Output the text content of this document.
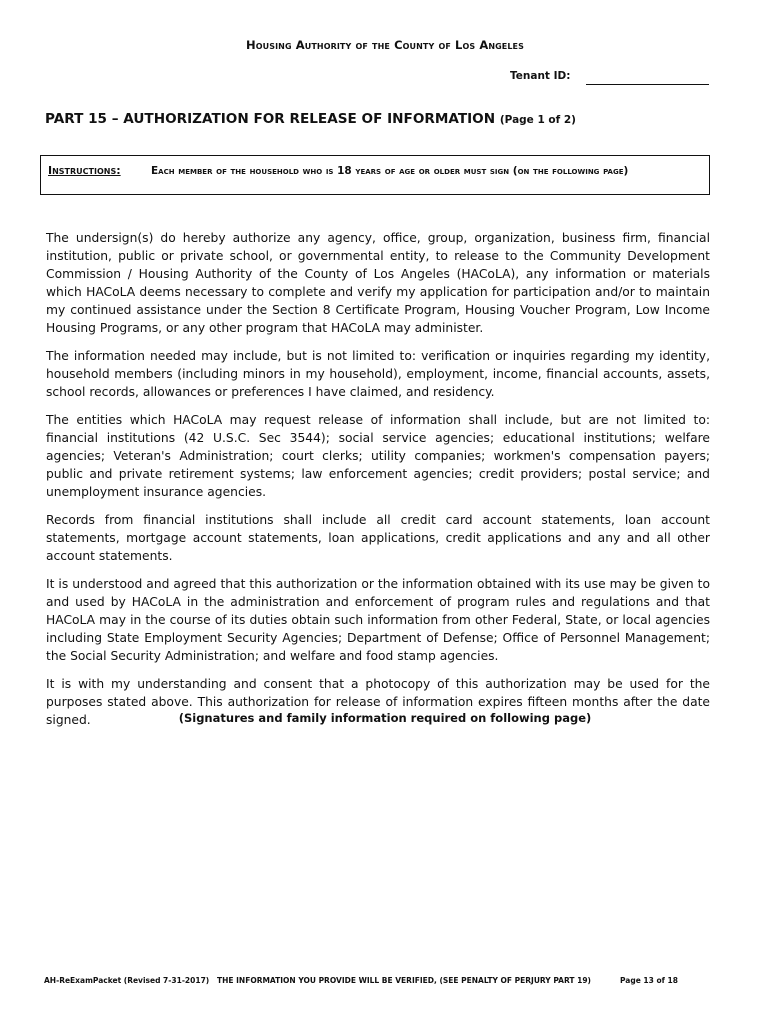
Housing Authority of the County of Los Angeles
Tenant ID:
PART 15 – AUTHORIZATION FOR RELEASE OF INFORMATION (Page 1 of 2)
Instructions:	Each member of the household who is 18 years of age or older must sign (on the following page)

The undersign(s) do hereby authorize any agency, office, group, organization, business firm, financial institution, public or private school, or governmental entity, to release to the Community Development Commission / Housing Authority of the County of Los Angeles (HACoLA), any information or materials which HACoLA deems necessary to complete and verify my application for participation and/or to maintain my continued assistance under the Section 8 Certificate Program, Housing Voucher Program, Low Income Housing Programs, or any other program that HACoLA may administer.

The information needed may include, but is not limited to: verification or inquiries regarding my identity, household members (including minors in my household), employment, income, financial accounts, assets, school records, allowances or preferences I have claimed, and residency.

The entities which HACoLA may request release of information shall include, but are not limited to: financial institutions (42 U.S.C. Sec 3544); social service agencies; educational institutions; welfare agencies; Veteran's Administration; court clerks; utility companies; workmen's compensation payers; public and private retirement systems; law enforcement agencies; credit providers; postal service; and unemployment insurance agencies.

Records from financial institutions shall include all credit card account statements, loan account statements, mortgage account statements, loan applications, credit applications and any and all other account statements.

It is understood and agreed that this authorization or the information obtained with its use may be given to and used by HACoLA in the administration and enforcement of program rules and regulations and that HACoLA may in the course of its duties obtain such information from other Federal, State, or local agencies including State Employment Security Agencies; Department of Defense; Office of Personnel Management; the Social Security Administration; and welfare and food stamp agencies.

It is with my understanding and consent that a photocopy of this authorization may be used for the purposes stated above. This authorization for release of information expires fifteen months after the date signed.	(Signatures and family information required on following page)
AH-ReExamPacket (Revised 7-31-2017) THE INFORMATION YOU PROVIDE WILL BE VERIFIED, (SEE PENALTY OF PERJURY PART 19)	Page 13 of 18
